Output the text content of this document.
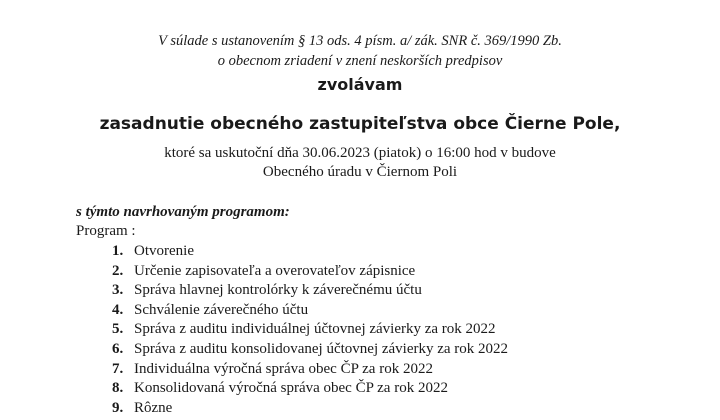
V súlade s ustanovením § 13 ods. 4 písm. a/ zák. SNR č. 369/1990 Zb.
o obecnom zriadení v znení neskorších predpisov
zvolávam
zasadnutie obecného zastupiteľstva obce Čierne Pole,
ktoré sa uskutoční dňa 30.06.2023 (piatok) o 16:00 hod v budove
Obecného úradu v Čiernom Poli
s týmto navrhovaným programom:
Program :
1. Otvorenie
2. Určenie zapisovateľa a overovateľov zápisnice
3. Správa hlavnej kontrolórky k záverečnému účtu
4. Schválenie záverečného účtu
5. Správa z auditu individuálnej účtovnej závierky za rok 2022
6. Správa z auditu konsolidovanej účtovnej závierky za rok 2022
7. Individuálna výročná správa obec ČP za rok 2022
8. Konsolidovaná výročná správa obec ČP za rok 2022
9. Rôzne
